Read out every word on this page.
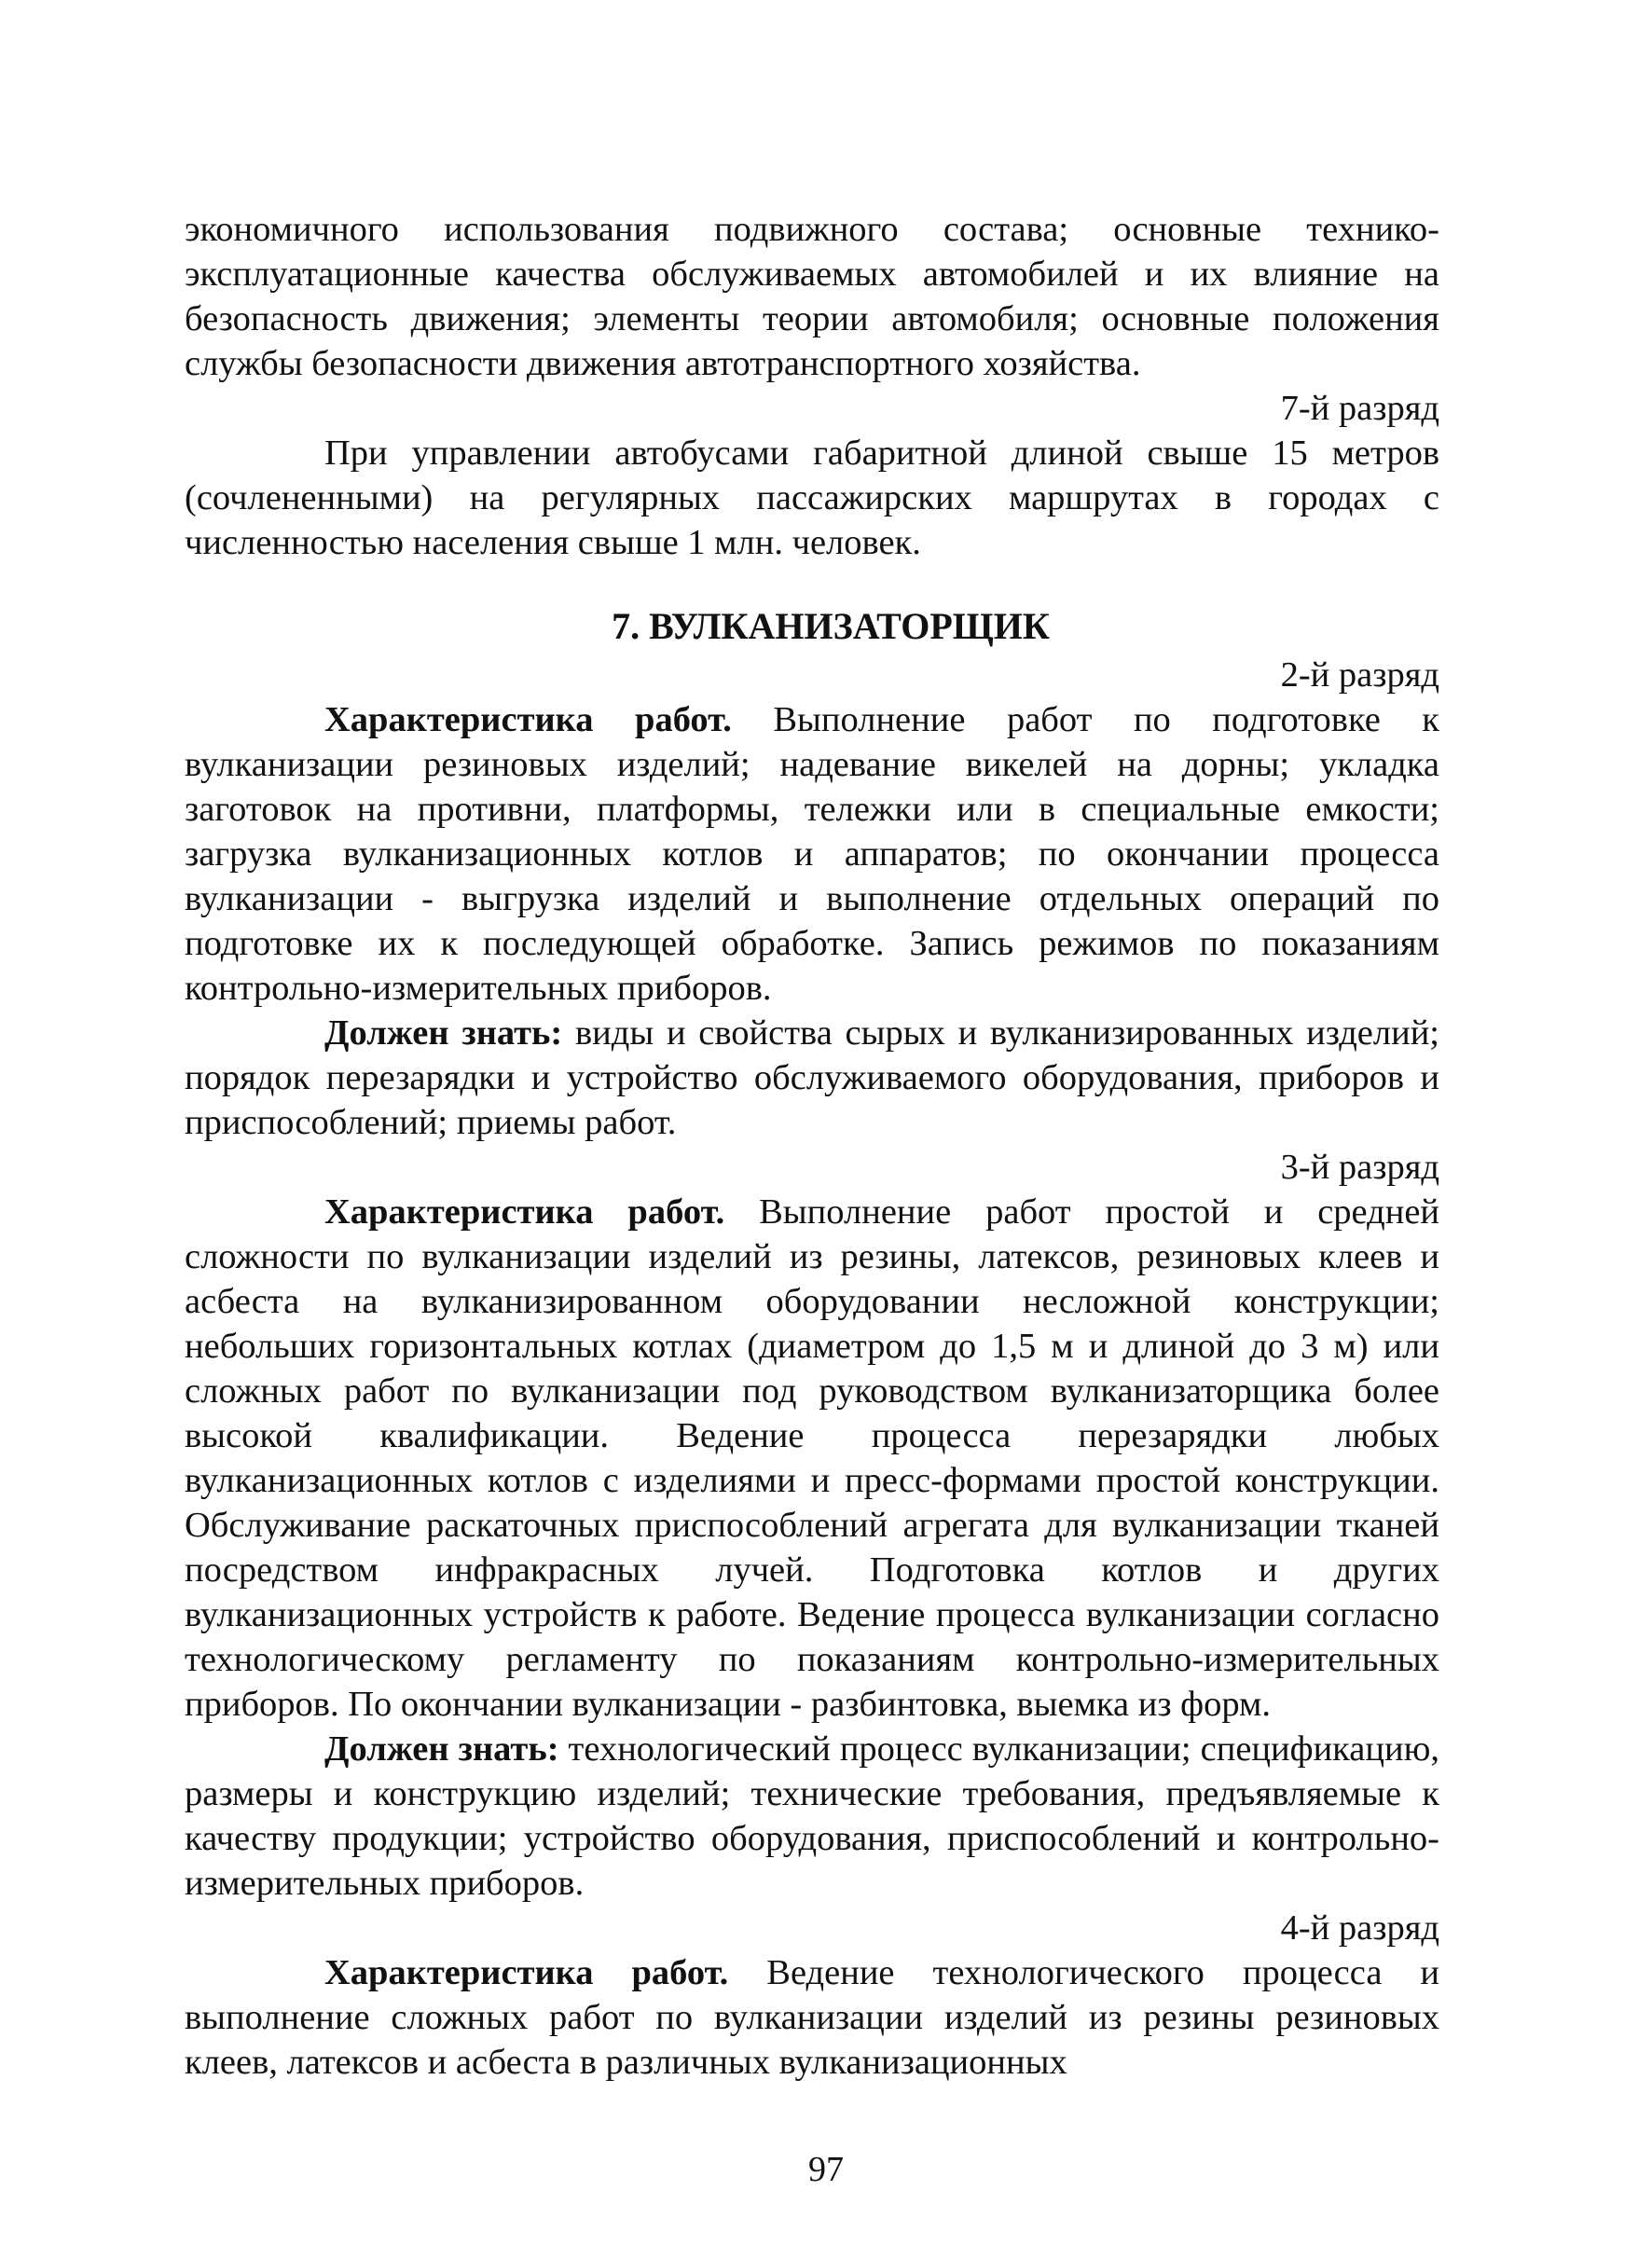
экономичного использования подвижного состава; основные технико-эксплуатационные качества обслуживаемых автомобилей и их влияние на безопасность движения; элементы теории автомобиля; основные положения службы безопасности движения автотранспортного хозяйства.

7-й разряд

При управлении автобусами габаритной длиной свыше 15 метров (сочлененными) на регулярных пассажирских маршрутах в городах с численностью населения свыше 1 млн. человек.

7. ВУЛКАНИЗАТОРЩИК

2-й разряд

Характеристика работ. Выполнение работ по подготовке к вулканизации резиновых изделий; надевание викелей на дорны; укладка заготовок на противни, платформы, тележки или в специальные емкости; загрузка вулканизационных котлов и аппаратов; по окончании процесса вулканизации - выгрузка изделий и выполнение отдельных операций по подготовке их к последующей обработке. Запись режимов по показаниям контрольно-измерительных приборов.

Должен знать: виды и свойства сырых и вулканизированных изделий; порядок перезарядки и устройство обслуживаемого оборудования, приборов и приспособлений; приемы работ.

3-й разряд

Характеристика работ. Выполнение работ простой и средней сложности по вулканизации изделий из резины, латексов, резиновых клеев и асбеста на вулканизированном оборудовании несложной конструкции; небольших горизонтальных котлах (диаметром до 1,5 м и длиной до 3 м) или сложных работ по вулканизации под руководством вулканизаторщика более высокой квалификации. Ведение процесса перезарядки любых вулканизационных котлов с изделиями и пресс-формами простой конструкции. Обслуживание раскаточных приспособлений агрегата для вулканизации тканей посредством инфракрасных лучей. Подготовка котлов и других вулканизационных устройств к работе. Ведение процесса вулканизации согласно технологическому регламенту по показаниям контрольно-измерительных приборов. По окончании вулканизации - разбинтовка, выемка из форм.

Должен знать: технологический процесс вулканизации; спецификацию, размеры и конструкцию изделий; технические требования, предъявляемые к качеству продукции; устройство оборудования, приспособлений и контрольно-измерительных приборов.

4-й разряд

Характеристика работ. Ведение технологического процесса и выполнение сложных работ по вулканизации изделий из резины резиновых клеев, латексов и асбеста в различных вулканизационных

97
